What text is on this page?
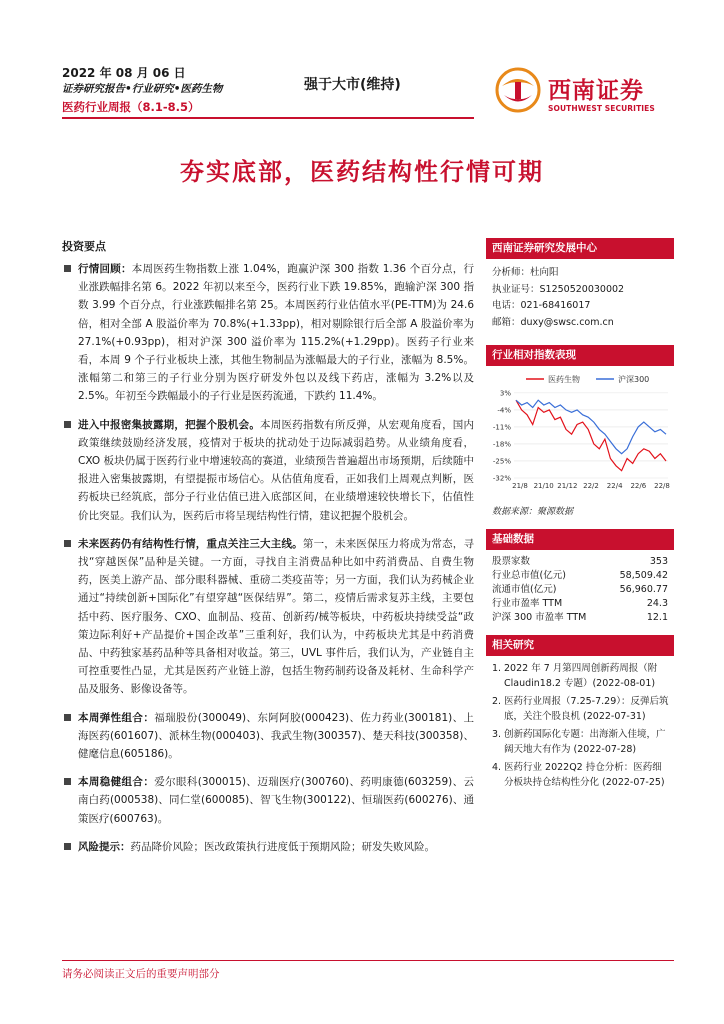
2022 年 08 月 06 日
证券研究报告•行业研究•医药生物
医药行业周报（8.1-8.5）
强于大市(维持)	西南证券
SOUTHWEST SECURITIES
夯实底部，医药结构性行情可期
投资要点
行情回顾：本周医药生物指数上涨 1.04%，跑赢沪深 300 指数 1.36 个百分点，行业涨跌幅排名第 6。2022 年初以来至今，医药行业下跌 19.85%，跑输沪深 300 指数 3.99 个百分点，行业涨跌幅排名第 25。本周医药行业估值水平(PE-TTM)为 24.6 倍，相对全部 A 股溢价率为 70.8%(+1.33pp)，相对剔除银行后全部 A 股溢价率为 27.1%(+0.93pp)，相对沪深 300 溢价率为 115.2%(+1.29pp)。医药子行业来看，本周 9 个子行业板块上涨，其他生物制品为涨幅最大的子行业，涨幅为 8.5%。涨幅第二和第三的子行业分别为医疗研发外包以及线下药店，涨幅为 3.2%以及 2.5%。年初至今跌幅最小的子行业是医药流通，下跌约 11.4%。
进入中报密集披露期，把握个股机会。本周医药指数有所反弹，从宏观角度看，国内政策继续鼓励经济发展，疫情对于板块的扰动处于边际减弱趋势。从业绩角度看，CXO 板块仍属于医药行业中增速较高的赛道，业绩预告普遍超出市场预期，后续随中报进入密集披露期，有望提振市场信心。从估值角度看，正如我们上周观点判断，医药板块已经筑底，部分子行业估值已进入底部区间，在业绩增速较快增长下，估值性价比突显。我们认为，医药后市将呈现结构性行情，建议把握个股机会。
未来医药仍有结构性行情，重点关注三大主线。第一，未来医保压力将成为常态，寻找“穿越医保”品种是关键。一方面，寻找自主消费品种比如中药消费品、自费生物药，医美上游产品、部分眼科器械、重磅二类疫苗等；另一方面，我们认为药械企业通过“持续创新+国际化”有望穿越“医保结界”。第二，疫情后需求复苏主线，主要包括中药、医疗服务、CXO、血制品、疫苗、创新药/械等板块，中药板块持续受益“政策边际利好+产品提价+国企改革”三重利好，我们认为，中药板块尤其是中药消费品、中药独家基药品种等具备相对收益。第三，UVL 事件后，我们认为，产业链自主可控重要性凸显，尤其是医药产业链上游，包括生物药制药设备及耗材、生命科学产品及服务、影像设备等。
本周弹性组合：福瑞股份(300049)、东阿阿胶(000423)、佐力药业(300181)、上海医药(601607)、派林生物(000403)、我武生物(300357)、楚天科技(300358)、健麾信息(605186)。
本周稳健组合：爱尔眼科(300015)、迈瑞医疗(300760)、药明康德(603259)、云南白药(000538)、同仁堂(600085)、智飞生物(300122)、恒瑞医药(600276)、通策医疗(600763)。
风险提示：药品降价风险；医改政策执行进度低于预期风险；研发失败风险。
西南证券研究发展中心
分析师：杜向阳
执业证号：S1250520030002
电话：021-68416017
邮箱：duxy@swsc.com.cn
行业相对指数表现
医药生物	沪深300
3%
-4%
-11%
-18%
-25%
-32%
21/8 21/10 21/12 22/2 22/4 22/6 22/8
数据来源：聚源数据
基础数据
股票家数	353
行业总市值(亿元)	58,509.42
流通市值(亿元)	56,960.77
行业市盈率 TTM	24.3
沪深 300 市盈率 TTM	12.1
相关研究
1. 2022 年 7 月第四周创新药周报（附 Claudin18.2 专题）(2022-08-01)
2. 医药行业周报（7.25-7.29）：反弹后筑底，关注个股良机 (2022-07-31)
3. 创新药国际化专题：出海渐入佳境，广阔天地大有作为 (2022-07-28)
4. 医药行业 2022Q2 持仓分析：医药细分板块持仓结构性分化 (2022-07-25)
请务必阅读正文后的重要声明部分
